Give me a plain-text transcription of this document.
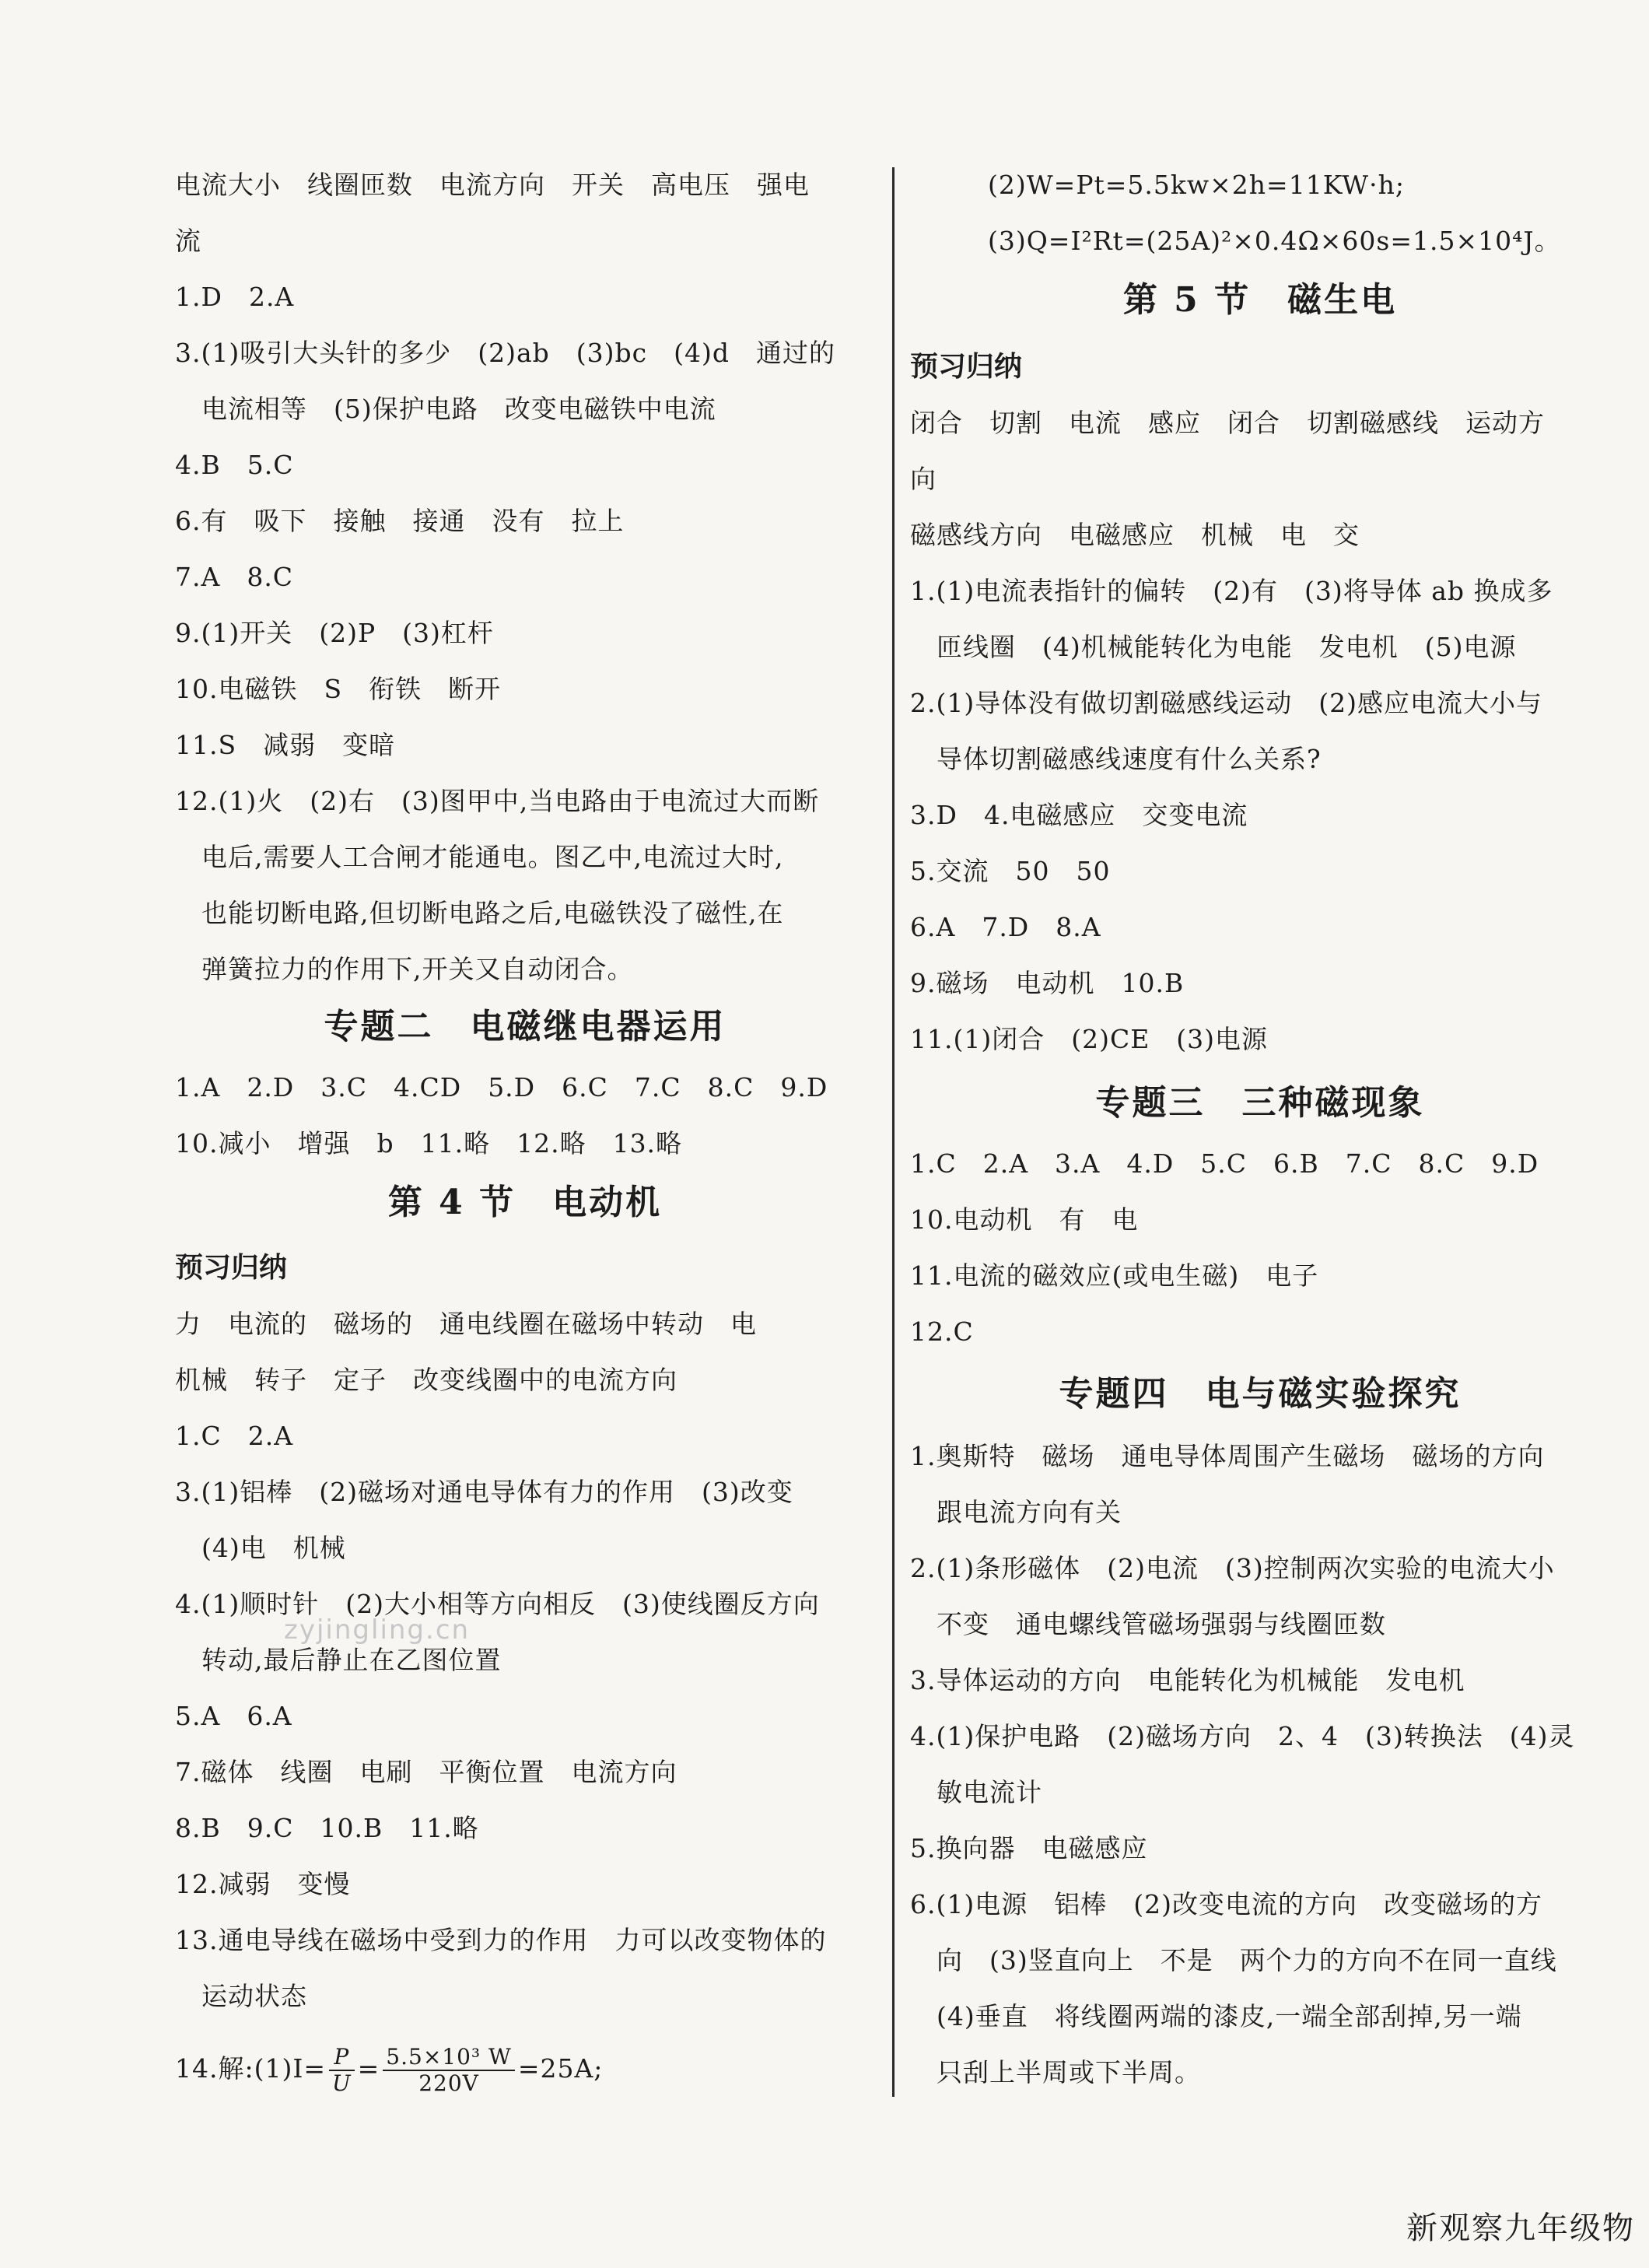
电流大小　线圈匝数　电流方向　开关　高电压　强电
流
1.D　2.A
3.(1)吸引大头针的多少　(2)ab　(3)bc　(4)d　通过的
　电流相等　(5)保护电路　改变电磁铁中电流
4.B　5.C
6.有　吸下　接触　接通　没有　拉上
7.A　8.C
9.(1)开关　(2)P　(3)杠杆
10.电磁铁　S　衔铁　断开
11.S　减弱　变暗
12.(1)火　(2)右　(3)图甲中,当电路由于电流过大而断
　电后,需要人工合闸才能通电。图乙中,电流过大时,
　也能切断电路,但切断电路之后,电磁铁没了磁性,在
　弹簧拉力的作用下,开关又自动闭合。
专题二　电磁继电器运用
1.A　2.D　3.C　4.CD　5.D　6.C　7.C　8.C　9.D
10.减小　增强　b　11.略　12.略　13.略
第 4 节　电动机
预习归纳
力　电流的　磁场的　通电线圈在磁场中转动　电
机械　转子　定子　改变线圈中的电流方向
1.C　2.A
3.(1)铝棒　(2)磁场对通电导体有力的作用　(3)改变
　(4)电　机械
4.(1)顺时针　(2)大小相等方向相反　(3)使线圈反方向
　转动,最后静止在乙图位置
5.A　6.A
7.磁体　线圈　电刷　平衡位置　电流方向
8.B　9.C　10.B　11.略
12.减弱　变慢
13.通电导线在磁场中受到力的作用　力可以改变物体的
　运动状态
14.解:(1)I= $\frac{P}{U} = \frac{\text{5.5×10³ W}}{220V} =25A$;
(2)W=Pt=5.5kw×2h=11KW·h;
(3)Q=I²Rt=(25A)²×0.4Ω×60s=1.5×10⁴J。
第 5 节　磁生电
预习归纳
闭合　切割　电流　感应　闭合　切割磁感线　运动方
向
磁感线方向　电磁感应　机械　电　交
1.(1)电流表指针的偏转　(2)有　(3)将导体 ab 换成多
　匝线圈　(4)机械能转化为电能　发电机　(5)电源
2.(1)导体没有做切割磁感线运动　(2)感应电流大小与
　导体切割磁感线速度有什么关系?
3.D　4.电磁感应　交变电流
5.交流　50　50
6.A　7.D　8.A
9.磁场　电动机　10.B
11.(1)闭合　(2)CE　(3)电源
专题三　三种磁现象
1.C　2.A　3.A　4.D　5.C　6.B　7.C　8.C　9.D
10.电动机　有　电
11.电流的磁效应(或电生磁)　电子
12.C
专题四　电与磁实验探究
1.奥斯特　磁场　通电导体周围产生磁场　磁场的方向
　跟电流方向有关
2.(1)条形磁体　(2)电流　(3)控制两次实验的电流大小
　不变　通电螺线管磁场强弱与线圈匝数
3.导体运动的方向　电能转化为机械能　发电机
4.(1)保护电路　(2)磁场方向　2、4　(3)转换法　(4)灵
　敏电流计
5.换向器　电磁感应
6.(1)电源　铝棒　(2)改变电流的方向　改变磁场的方
　向　(3)竖直向上　不是　两个力的方向不在同一直线
　(4)垂直　将线圈两端的漆皮,一端全部刮掉,另一端
　只刮上半周或下半周。
zyjingling.cn
新观察九年级物
